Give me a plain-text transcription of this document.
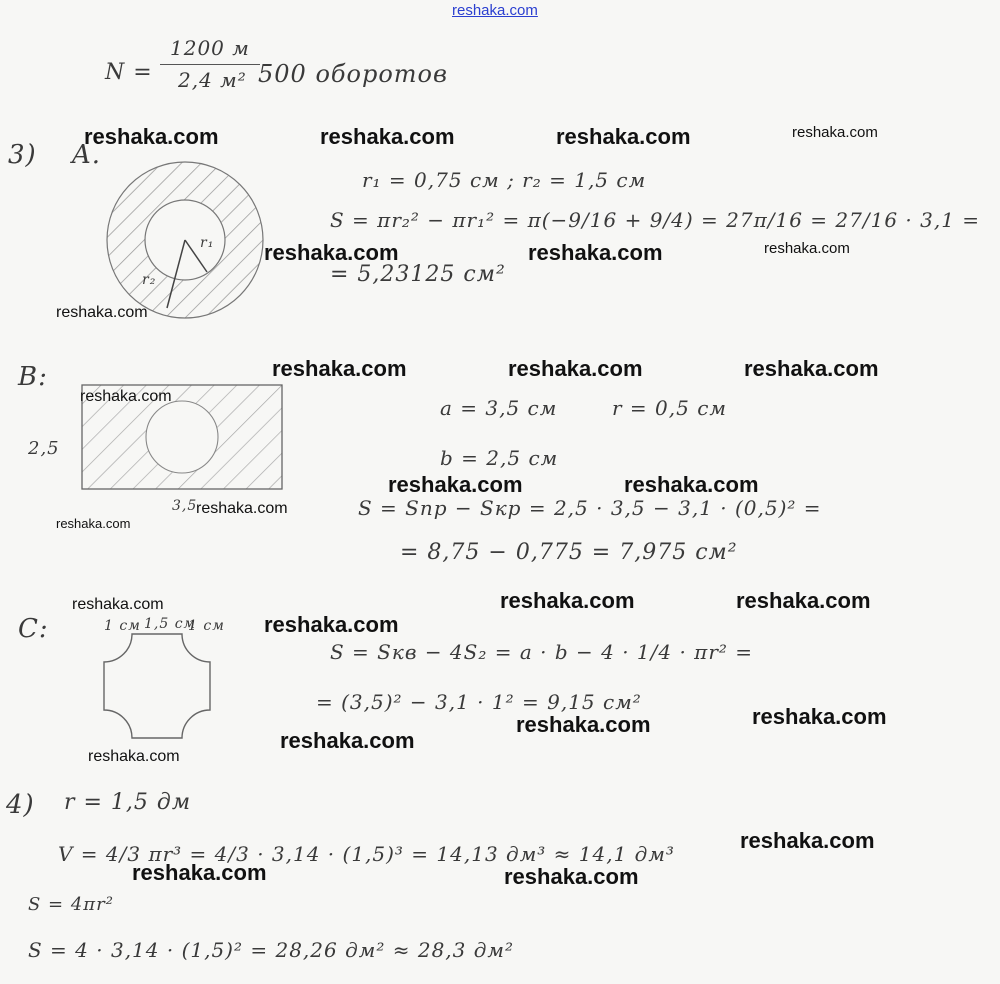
reshaka.com
N =
1200 м
2,4 м² 500 оборотов
3) A.
r₁
r₂
r₁ = 0,75 см ; r₂ = 1,5 см
S = πr₂² − πr₁² = π(−9/16 + 9/4) = 27π/16 = 27/16 · 3,1 =
= 5,23125 см²
B:
2,5
3,5
a = 3,5 см	r = 0,5 см
b = 2,5 см
S = Sпр − Sкр = 2,5 · 3,5 − 3,1 · (0,5)² =
= 8,75 − 0,775 = 7,975 см²
C:	1 см 1,5 см
1 см
S = Sкв − 4S₂ = a · b − 4 · 1/4 · πr² =
= (3,5)² − 3,1 · 1² = 9,15 см²
4) r = 1,5 дм
V = 4/3 πr³ = 4/3 · 3,14 · (1,5)³ = 14,13 дм³ ≈ 14,1 дм³
S = 4πr²
S = 4 · 3,14 · (1,5)² = 28,26 дм² ≈ 28,3 дм²
reshaka.com	reshaka.com	reshaka.com	reshaka.com
reshaka.com	reshaka.com	reshaka.com
reshaka.com
reshaka.com	reshaka.com	reshaka.com
reshaka.com
reshaka.com	reshaka.com
reshaka.com
reshaka.com
reshaka.com	reshaka.com
reshaka.com
reshaka.com
reshaka.com
reshaka.com
reshaka.com
reshaka.com
reshaka.com
reshaka.com	reshaka.com
